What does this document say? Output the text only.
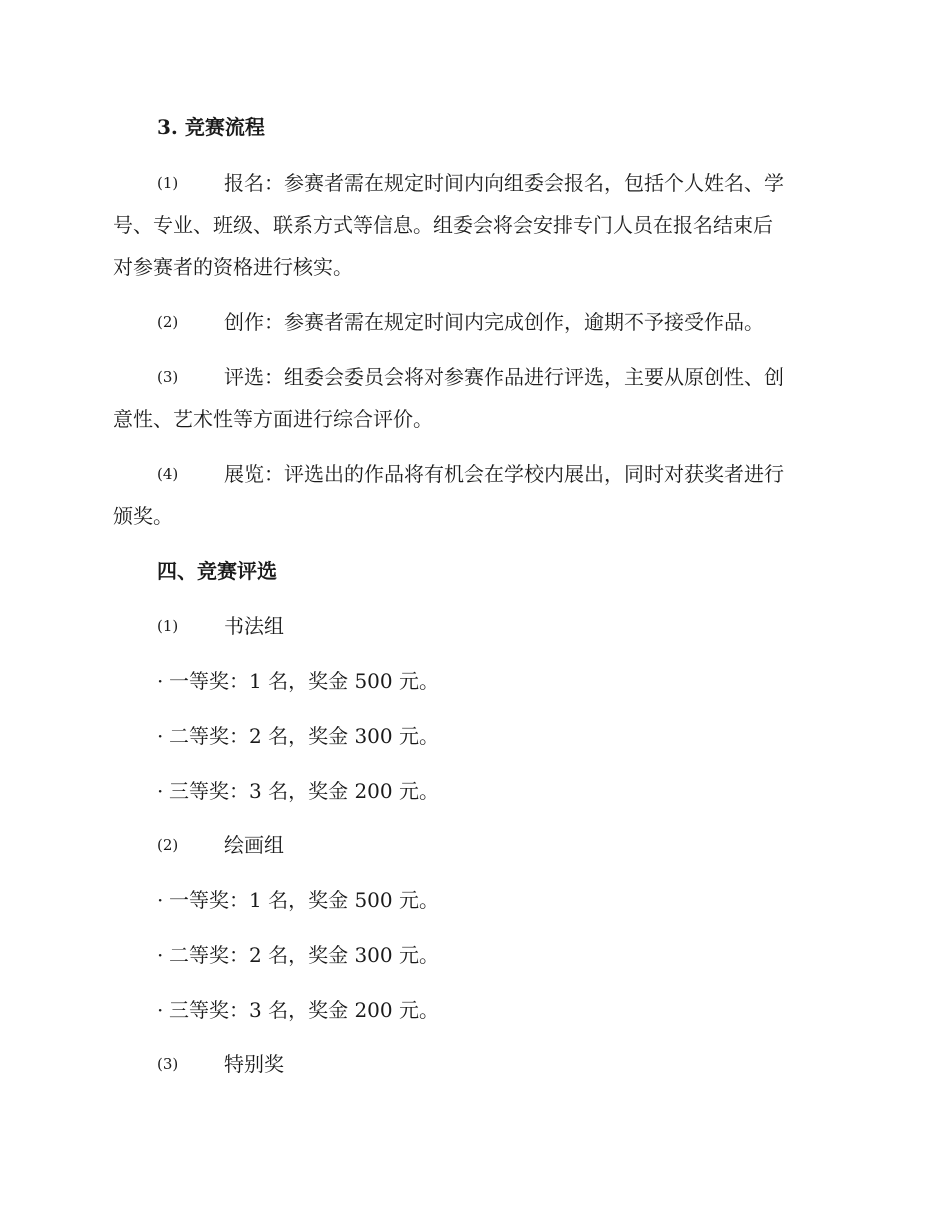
3. 竞赛流程
(1) 报名：参赛者需在规定时间内向组委会报名，包括个人姓名、学
号、专业、班级、联系方式等信息。组委会将会安排专门人员在报名结束后
对参赛者的资格进行核实。
(2) 创作：参赛者需在规定时间内完成创作，逾期不予接受作品。
(3) 评选：组委会委员会将对参赛作品进行评选，主要从原创性、创
意性、艺术性等方面进行综合评价。
(4) 展览：评选出的作品将有机会在学校内展出，同时对获奖者进行
颁奖。
四、竞赛评选
(1) 书法组
· 一等奖：1 名，奖金 500 元。
· 二等奖：2 名，奖金 300 元。
· 三等奖：3 名，奖金 200 元。
(2) 绘画组
· 一等奖：1 名，奖金 500 元。
· 二等奖：2 名，奖金 300 元。
· 三等奖：3 名，奖金 200 元。
(3) 特别奖
